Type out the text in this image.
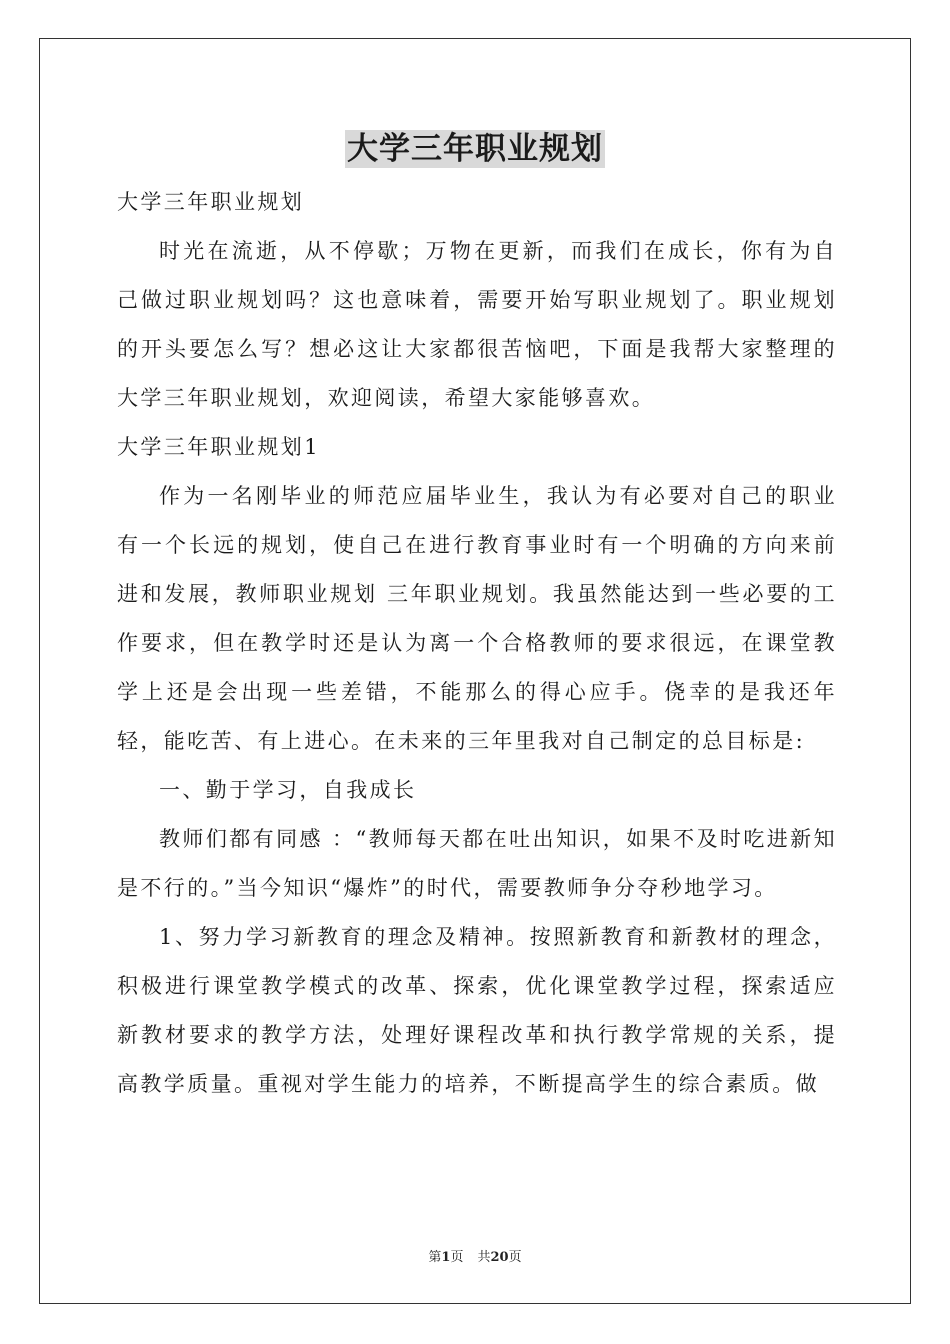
大学三年职业规划

大学三年职业规划

时光在流逝，从不停歇；万物在更新，而我们在成长，你有为自己做过职业规划吗？这也意味着，需要开始写职业规划了。职业规划的开头要怎么写？想必这让大家都很苦恼吧，下面是我帮大家整理的大学三年职业规划，欢迎阅读，希望大家能够喜欢。

大学三年职业规划1

作为一名刚毕业的师范应届毕业生，我认为有必要对自己的职业有一个长远的规划，使自己在进行教育事业时有一个明确的方向来前进和发展，教师职业规划 三年职业规划。我虽然能达到一些必要的工作要求，但在教学时还是认为离一个合格教师的要求很远，在课堂教学上还是会出现一些差错，不能那么的得心应手。侥幸的是我还年轻，能吃苦、有上进心。在未来的三年里我对自己制定的总目标是:

一、勤于学习，自我成长

教师们都有同感 ：“教师每天都在吐出知识，如果不及时吃进新知是不行的。”当今知识“爆炸”的时代，需要教师争分夺秒地学习。

1、努力学习新教育的理念及精神。按照新教育和新教材的理念，积极进行课堂教学模式的改革、探索，优化课堂教学过程，探索适应新教材要求的教学方法，处理好课程改革和执行教学常规的关系，提高教学质量。重视对学生能力的培养，不断提高学生的综合素质。做

第1页 共20页
